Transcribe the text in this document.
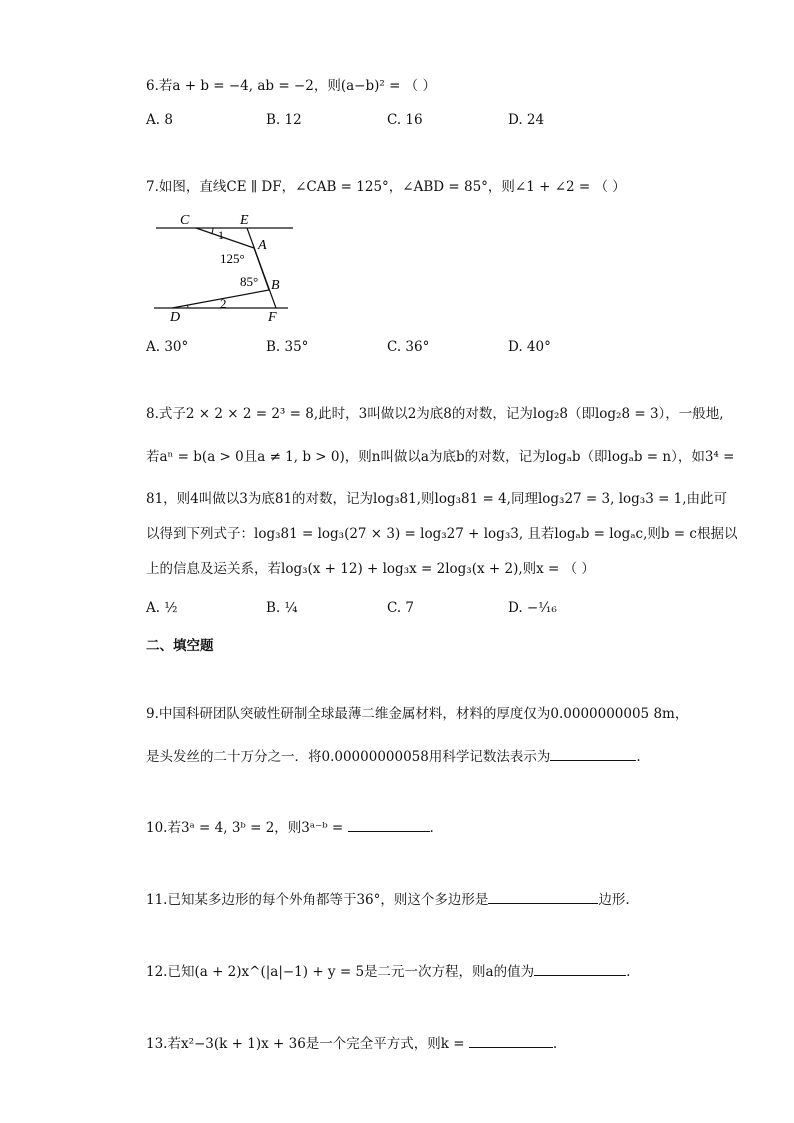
6.若a + b = −4, ab = −2，则(a−b)² = （ ）
A. 8	B. 12	C. 16	D. 24
7.如图，直线CE ∥ DF，∠CAB = 125°，∠ABD = 85°，则∠1 + ∠2 = （ ）
C	E
A
B
D	F
125°
85°
1
2
A. 30°	B. 35°	C. 36°	D. 40°
8.式子2 × 2 × 2 = 2³ = 8,此时，3叫做以2为底8的对数，记为log₂8（即log₂8 = 3），一般地,
若aⁿ = b(a > 0且a ≠ 1, b > 0)，则n叫做以a为底b的对数，记为logₐb（即logₐb = n），如3⁴ =
81，则4叫做以3为底81的对数，记为log₃81,则log₃81 = 4,同理log₃27 = 3, log₃3 = 1,由此可
以得到下列式子：log₃81 = log₃(27 × 3) = log₃27 + log₃3, 且若logₐb = logₐc,则b = c根据以
上的信息及运关系，若log₃(x + 12) + log₃x = 2log₃(x + 2),则x = （ ）
A. ½	B. ¼	C. 7	D. −¹⁄₁₆
二、填空题
9.中国科研团队突破性研制全球最薄二维金属材料，材料的厚度仅为0.0000000005 8m，
是头发丝的二十万分之一．将0.00000000058用科学记数法表示为	.
10.若3ᵃ = 4, 3ᵇ = 2，则3ᵃ⁻ᵇ =	.
11.已知某多边形的每个外角都等于36°，则这个多边形是	边形.
12.已知(a + 2)x^(|a|−1) + y = 5是二元一次方程，则a的值为	.
13.若x²−3(k + 1)x + 36是一个完全平方式，则k =	.
